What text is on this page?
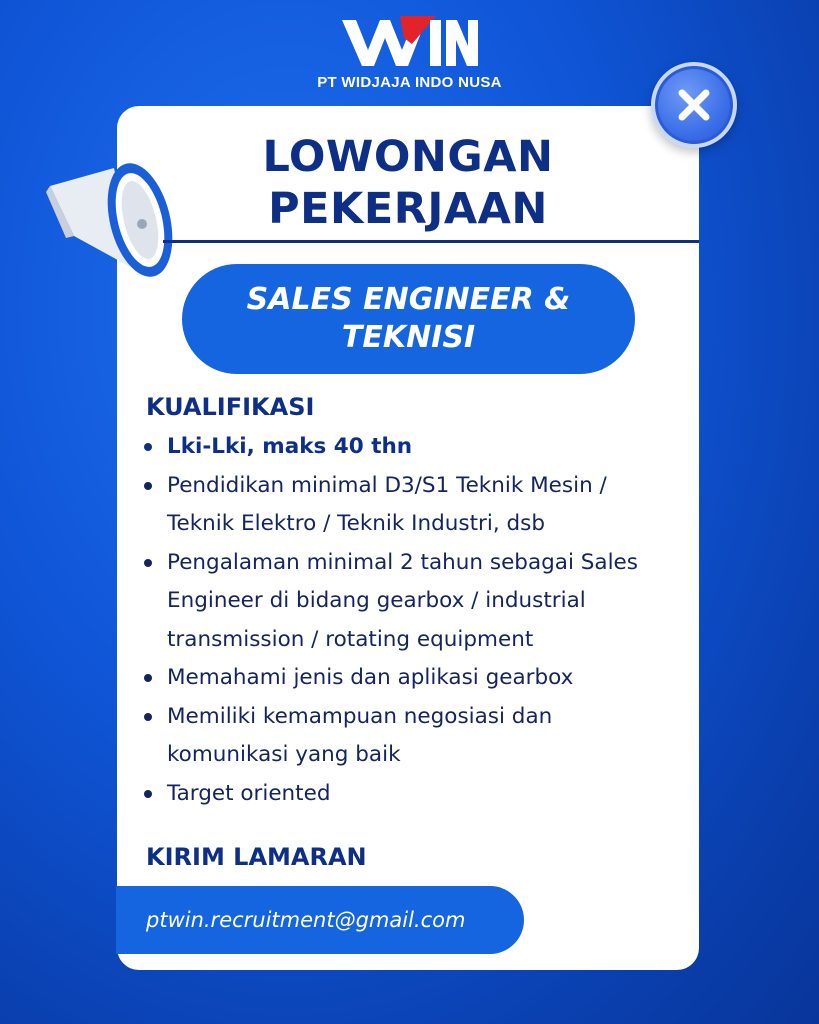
PT WIDJAJA INDO NUSA
LOWONGAN
PEKERJAAN
SALES ENGINEER &
TEKNISI
KUALIFIKASI
Lki-Lki, maks 40 thn
Pendidikan minimal D3/S1 Teknik Mesin /
Teknik Elektro / Teknik Industri, dsb
Pengalaman minimal 2 tahun sebagai Sales
Engineer di bidang gearbox / industrial
transmission / rotating equipment
Memahami jenis dan aplikasi gearbox
Memiliki kemampuan negosiasi dan
komunikasi yang baik
Target oriented
KIRIM LAMARAN
ptwin.recruitment@gmail.com
